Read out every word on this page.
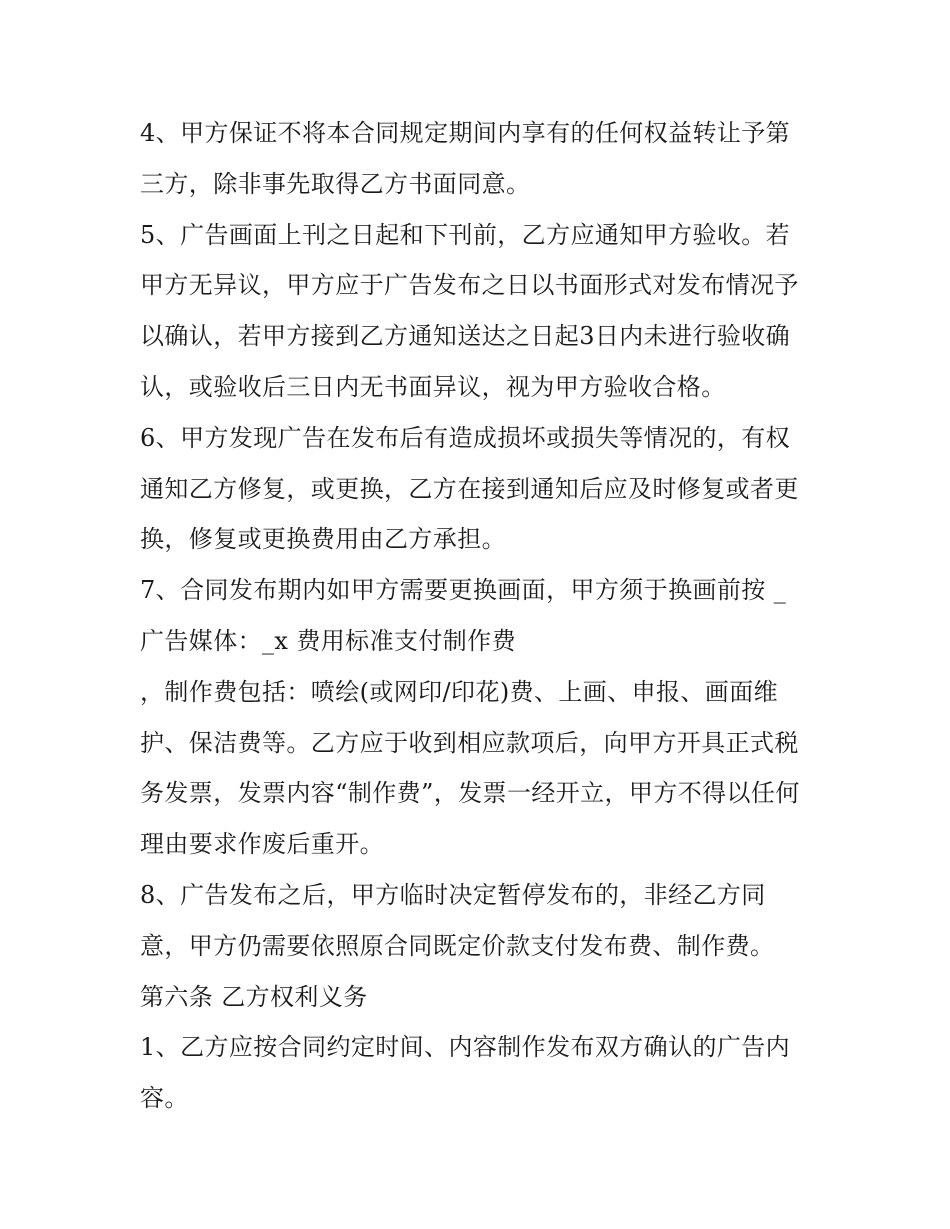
4、甲方保证不将本合同规定期间内享有的任何权益转让予第
三方，除非事先取得乙方书面同意。
5、广告画面上刊之日起和下刊前，乙方应通知甲方验收。若
甲方无异议，甲方应于广告发布之日以书面形式对发布情况予
以确认，若甲方接到乙方通知送达之日起3日内未进行验收确
认，或验收后三日内无书面异议，视为甲方验收合格。
6、甲方发现广告在发布后有造成损坏或损失等情况的，有权
通知乙方修复，或更换，乙方在接到通知后应及时修复或者更
换，修复或更换费用由乙方承担。
7、合同发布期内如甲方需要更换画面，甲方须于换画前按 _
广告媒体：_x 费用标准支付制作费
，制作费包括：喷绘(或网印/印花)费、上画、申报、画面维
护、保洁费等。乙方应于收到相应款项后，向甲方开具正式税
务发票，发票内容“制作费”，发票一经开立，甲方不得以任何
理由要求作废后重开。
8、广告发布之后，甲方临时决定暂停发布的，非经乙方同
意，甲方仍需要依照原合同既定价款支付发布费、制作费。
第六条 乙方权利义务
1、乙方应按合同约定时间、内容制作发布双方确认的广告内
容。
